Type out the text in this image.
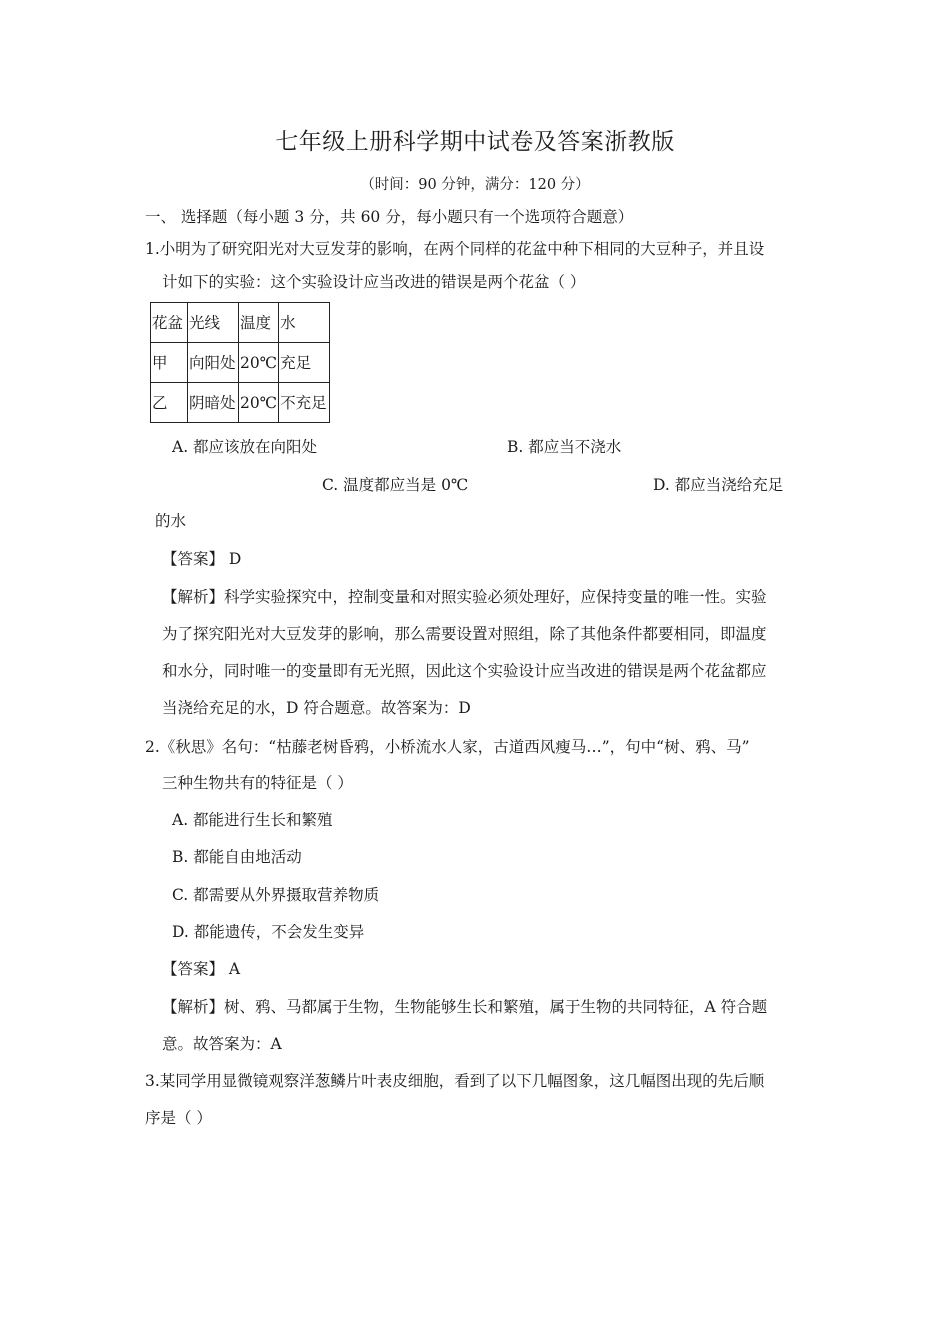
七年级上册科学期中试卷及答案浙教版
（时间：90 分钟，满分：120 分）
一、 选择题（每小题 3 分，共 60 分，每小题只有一个选项符合题意）
1.小明为了研究阳光对大豆发芽的影响，在两个同样的花盆中种下相同的大豆种子，并且设
计如下的实验：这个实验设计应当改进的错误是两个花盆（ ）
花盆	光线	温度	水
甲	向阳处	20℃	充足
乙	阴暗处	20℃	不充足
A. 都应该放在向阳处	B. 都应当不浇水
C. 温度都应当是 0℃	D. 都应当浇给充足
的水
【答案】 D
【解析】科学实验探究中，控制变量和对照实验必须处理好，应保持变量的唯一性。实验
为了探究阳光对大豆发芽的影响，那么需要设置对照组，除了其他条件都要相同，即温度
和水分，同时唯一的变量即有无光照，因此这个实验设计应当改进的错误是两个花盆都应
当浇给充足的水，D 符合题意。故答案为：D
2.《秋思》名句：“枯藤老树昏鸦，小桥流水人家，古道西风瘦马…”，句中“树、鸦、马”
三种生物共有的特征是（ ）
A. 都能进行生长和繁殖
B. 都能自由地活动
C. 都需要从外界摄取营养物质
D. 都能遗传，不会发生变异
【答案】 A
【解析】树、鸦、马都属于生物，生物能够生长和繁殖，属于生物的共同特征，A 符合题
意。故答案为：A
3.某同学用显微镜观察洋葱鳞片叶表皮细胞，看到了以下几幅图象，这几幅图出现的先后顺
序是（ ）
